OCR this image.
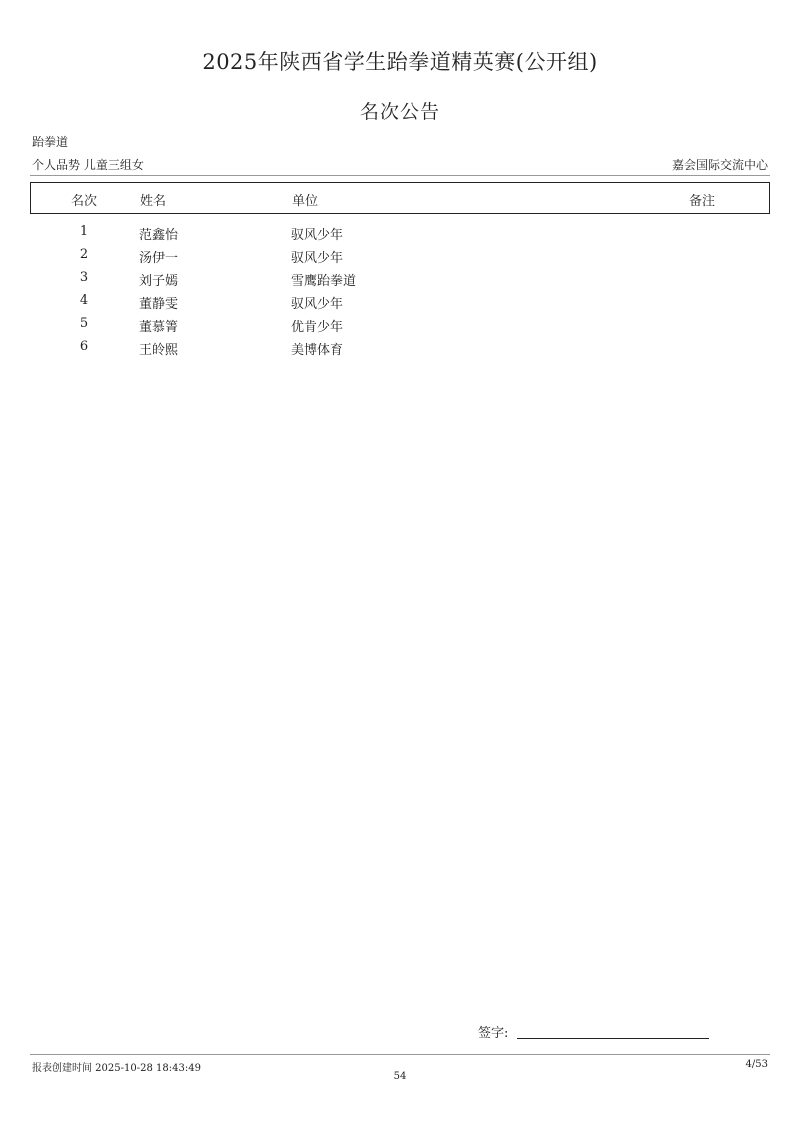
2025年陕西省学生跆拳道精英赛(公开组)
名次公告
跆拳道
个人品势 儿童三组女	嘉会国际交流中心
名次	姓名	单位	备注
1	范鑫怡	驭风少年
2	汤伊一	驭风少年
3	刘子嫣	雪鹰跆拳道
4	董静雯	驭风少年
5	董慕箐	优肯少年
6	王皊熙	美博体育
签字:
报表创建时间 2025-10-28 18:43:49	4/53
54
